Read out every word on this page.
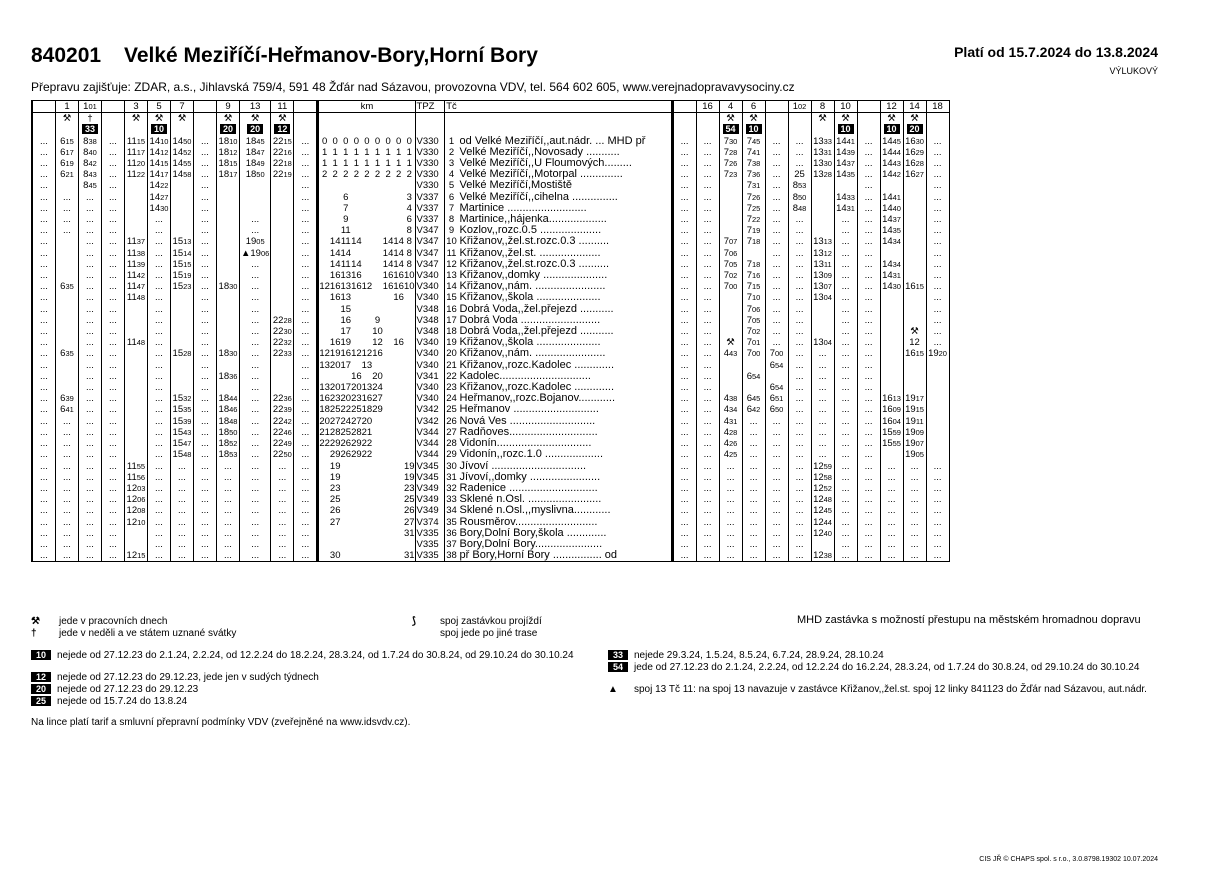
840201 Velké Meziříčí-Heřmanov-Bory,Horní Bory	Platí od 15.7.2024 do 13.8.2024
VÝLUKOVÝ
Přepravu zajišťuje: ZDAR, a.s., Jihlavská 759/4, 591 48 Žďár nad Sázavou, provozovna VDV, tel. 564 602 605, www.verejnadopravavysociny.cz
	1	$1^{01}$		3	5	7		9	13	11		km									TPZ	Tč			16	4	6		$1^{02}$	8	10		12	14	18
	⚒	†		⚒	⚒	⚒		⚒	⚒	⚒																⚒	⚒			⚒	⚒		⚒	⚒	
		33			10			20	20	12																54	10				10		10	20	
...	$6^{15}$	$8^{38}$	...	$11^{15}$	$14^{10}$	$14^{50}$	...	$18^{10}$	$18^{45}$	$22^{15}$	...	0	0	0	0	0	0	0	0	0	V330	1	od Velké Meziříčí,,aut.nádr. ... MHD př	...	...	$7^{30}$	$7^{45}$	...	...	$13^{33}$	$14^{41}$	...	$14^{45}$	$16^{30}$	...
...	$6^{17}$	$8^{40}$	...	$11^{17}$	$14^{12}$	$14^{52}$	...	$18^{12}$	$18^{47}$	$22^{16}$	...	1	1	1	1	1	1	1	1	1	V330	2	Velké Meziříčí,,Novosady ...........	...	...	$7^{28}$	$7^{41}$	...	...	$13^{31}$	$14^{39}$	...	$14^{44}$	$16^{29}$	...
...	$6^{19}$	$8^{42}$	...	$11^{20}$	$14^{15}$	$14^{55}$	...	$18^{15}$	$18^{49}$	$22^{18}$	...	1	1	1	1	1	1	1	1	1	V330	3	Velké Meziříčí,,U Floumových.........	...	...	$7^{26}$	$7^{38}$	...	...	$13^{30}$	$14^{37}$	...	$14^{43}$	$16^{28}$	...
...	$6^{21}$	$8^{43}$	...	$11^{22}$	$14^{17}$	$14^{58}$	...	$18^{17}$	$18^{50}$	$22^{19}$	...	2	2	2	2	2	2	2	2	2	V330	4	Velké Meziříčí,,Motorpal ..............	...	...	$7^{23}$	$7^{36}$	...	25	$13^{28}$	$14^{35}$	...	$14^{42}$	$16^{27}$	...
...		$8^{45}$	...		$14^{22}$		...				...										V330	5	Velké Meziříčí,Mostiště	...	...		$7^{31}$	...	$8^{53}$			...			...
...	...	...	...		$14^{27}$		...				...			6						3	V337	6	Velké Meziříčí,,cihelna ...............	...	...		$7^{26}$	...	$8^{50}$		$14^{33}$	...	$14^{41}$		...
...	...	...	...		$14^{30}$		...				...			7						4	V337	7	Martinice ..........................	...	...		$7^{25}$	...	$8^{48}$		$14^{31}$	...	$14^{40}$		...
...	...	...	...		...		...		...		...			9						6	V337	8	Martinice,,hájenka...................	...	...		$7^{22}$	...	...		...	...	$14^{37}$		...
...	...	...	...		...		...		...		...			11						8	V347	9	Kozlov,,rozc.0.5 ....................	...	...		$7^{19}$	...	...		...	...	$14^{35}$		...
...		...	...	$11^{37}$	...	$15^{13}$	...		$19^{05}$		...		14	11	14			14	14	8	V347	10	Křižanov,,žel.st.rozc.0.3 ..........	...	...	$7^{07}$	$7^{18}$	...	...	$13^{13}$	...	...	$14^{34}$		...
...		...	...	$11^{38}$	...	$15^{14}$	...		$▲19^{06}$		...		14	14				14	14	8	V347	11	Křižanov,,žel.st. ....................	...	...	$7^{06}$		...	...	$13^{12}$	...	...			...
...		...	...	$11^{39}$	...	$15^{15}$	...		...		...		14	11	14			14	14	8	V347	12	Křižanov,,žel.st.rozc.0.3 ..........	...	...	$7^{05}$	$7^{18}$	...	...	$13^{11}$	...	...	$14^{34}$		...
...		...	...	$11^{42}$	...	$15^{19}$	...		...		...		16	13	16			16	16	10	V340	13	Křižanov,,domky .....................	...	...	$7^{02}$	$7^{16}$	...	...	$13^{09}$	...	...	$14^{31}$		...
...	$6^{35}$	...	...	$11^{47}$	...	$15^{23}$	...	$18^{30}$	...		...	12	16	13	16	12		16	16	10	V340	14	Křižanov,,nám. .......................	...	...	$7^{00}$	$7^{15}$	...	...	$13^{07}$	...	...	$14^{30}$	$16^{15}$	...
...		...	...	$11^{48}$	...		...		...		...		16	13					16		V340	15	Křižanov,,škola .....................	...	...		$7^{10}$	...	...	$13^{04}$	...	...			...
...		...	...		...		...		...		...			15							V348	16	Dobrá Voda,,žel.přejezd ...........	...	...		$7^{06}$	...	...		...	...			...
...		...	...		...		...		...	$22^{28}$	...			16			9				V348	17	Dobrá Voda ..........................	...	...		$7^{05}$	...	...		...	...			...
...		...	...		...		...		...	$22^{30}$	...			17			10				V348	18	Dobrá Voda,,žel.přejezd ...........	...	...		$7^{02}$	...	...		...	...		⚒	...
...		...	...	$11^{48}$	...		...		...	$22^{32}$	...		16	19			12		16		V340	19	Křižanov,,škola .....................	...	...	⚒	$7^{01}$	...	...	$13^{04}$	...	...		12	...
...	$6^{35}$	...	...		...	$15^{28}$	...	$18^{30}$	...	$22^{33}$	...	12	19	16	12	12	16				V340	20	Křižanov,,nám. .......................	...	...	$4^{43}$	$7^{00}$	$7^{00}$	...	...	...	...		$16^{15}$	$19^{20}$
...		...	...		...		...		...		...	13	20	17		13					V340	21	Křižanov,,rozc.Kadolec .............	...	...			$6^{54}$	...	...	...	...			
...		...	...		...		...	$18^{36}$	...		...				16		20				V341	22	Kadolec..............................	...	...		$6^{54}$		...	...	...	...			
...		...	...		...		...		...		...	13	20	17	20	13	24				V340	23	Křižanov,,rozc.Kadolec .............	...	...			$6^{54}$	...	...	...	...			
...	$6^{39}$	...	...		...	$15^{32}$	...	$18^{44}$	...	$22^{36}$	...	16	23	20	23	16	27				V340	24	Heřmanov,,rozc.Bojanov............	...	...	$4^{38}$	$6^{45}$	$6^{51}$	...	...	...	...	$16^{13}$	$19^{17}$	
...	$6^{41}$	...	...		...	$15^{35}$	...	$18^{46}$	...	$22^{39}$	...	18	25	22	25	18	29				V342	25	Heřmanov ............................	...	...	$4^{34}$	$6^{42}$	$6^{50}$	...	...	...	...	$16^{09}$	$19^{15}$	
...	...	...	...		...	$15^{39}$	...	$18^{48}$	...	$22^{42}$	...	20	27	24	27	20					V342	26	Nová Ves ............................	...	...	$4^{31}$	...	...	...	...	...	...	$16^{04}$	$19^{11}$	
...	...	...	...		...	$15^{43}$	...	$18^{50}$	...	$22^{46}$	...	21	28	25	28	21					V344	27	Radňoves.............................	...	...	$4^{28}$	...	...	...	...	...	...	$15^{59}$	$19^{09}$	
...	...	...	...		...	$15^{47}$	...	$18^{52}$	...	$22^{49}$	...	22	29	26	29	22					V344	28	Vidonín...............................	...	...	$4^{26}$	...	...	...	...	...	...	$15^{55}$	$19^{07}$	
...	...	...	...		...	$15^{48}$	...	$18^{53}$	...	$22^{50}$	...		29	26	29	22					V344	29	Vidonín,,rozc.1.0 ...................	...	...	$4^{25}$	...	...	...	...	...	...		$19^{05}$	
...	...	...	...	$11^{55}$	...	...	...	...	...	...	...		19							19	V345	30	Jívoví ...............................	...	...	...	...	...	...	$12^{59}$	...	...	...	...	...
...	...	...	...	$11^{56}$	...	...	...	...	...	...	...		19							19	V345	31	Jívoví,,domky .......................	...	...	...	...	...	...	$12^{58}$	...	...	...	...	...
...	...	...	...	$12^{03}$	...	...	...	...	...	...	...		23							23	V349	32	Radenice .............................	...	...	...	...	...	...	$12^{52}$	...	...	...	...	...
...	...	...	...	$12^{06}$	...	...	...	...	...	...	...		25							25	V349	33	Sklené n.Osl. ........................	...	...	...	...	...	...	$12^{48}$	...	...	...	...	...
...	...	...	...	$12^{08}$	...	...	...	...	...	...	...		26							26	V349	34	Sklené n.Osl.,,myslivna............	...	...	...	...	...	...	$12^{45}$	...	...	...	...	...
...	...	...	...	$12^{10}$	...	...	...	...	...	...	...		27							27	V374	35	Rousměrov...........................	...	...	...	...	...	...	$12^{44}$	...	...	...	...	...
...	...	...	...		...	...	...	...	...	...	...									31	V335	36	Bory,Dolní Bory,škola .............	...	...	...	...	...	...	$12^{40}$	...	...	...	...	...
...	...	...	...		...	...	...	...	...	...	...										V335	37	Bory,Dolní Bory......................	...	...	...	...	...	...		...	...	...	...	...
...	...	...	...	$12^{15}$	...	...	...	...	...	...	...		30							31	V335	38	př Bory,Horní Bory ................ od	...	...	...	...	...	...	$12^{38}$	...	...	...	...	...
⚒ jede v pracovních dnech
† jede v neděli a ve státem uznané svátky
⟆ spoj zastávkou projíždí
spoj jede po jiné trase
MHD zastávka s možností přestupu na městském hromadnou dopravu
10 nejede od 27.12.23 do 2.1.24, 2.2.24, od 12.2.24 do 18.2.24, 28.3.24, od 1.7.24 do 30.8.24, od 29.10.24 do 30.10.24
12 nejede od 27.12.23 do 29.12.23, jede jen v sudých týdnech
20 nejede od 27.12.23 do 29.12.23
25 nejede od 15.7.24 do 13.8.24
33 nejede 29.3.24, 1.5.24, 8.5.24, 6.7.24, 28.9.24, 28.10.24
54 jede od 27.12.23 do 2.1.24, 2.2.24, od 12.2.24 do 16.2.24, 28.3.24, od 1.7.24 do 30.8.24, od 29.10.24 do 30.10.24
▲ spoj 13 Tč 11: na spoj 13 navazuje v zastávce Křižanov,,žel.st. spoj 12 linky 841123 do Žďár nad Sázavou, aut.nádr.
Na lince platí tarif a smluvní přepravní podmínky VDV (zveřejněné na www.idsvdv.cz).
CIS JŘ © CHAPS spol. s r.o., 3.0.8798.19302 10.07.2024
